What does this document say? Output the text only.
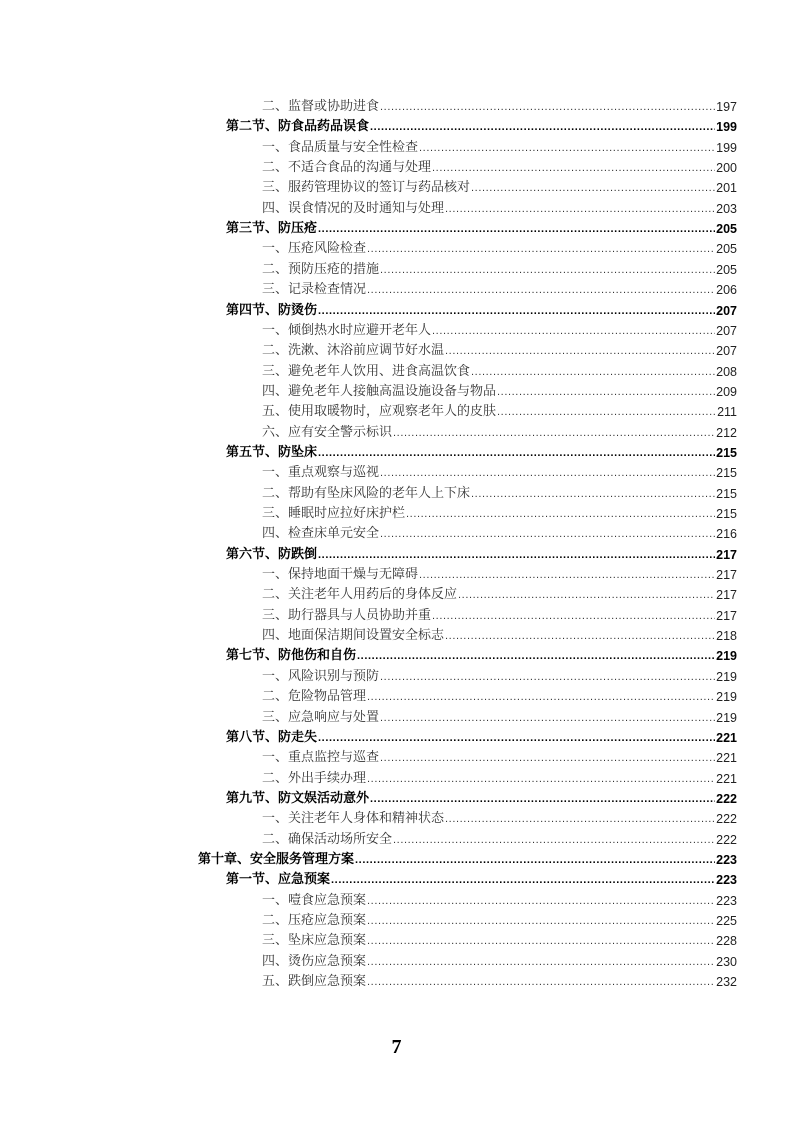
二、监督或协助进食 .....	197
第二节、防食品药品误食 .....	199
一、食品质量与安全性检查 .....	199
二、不适合食品的沟通与处理 .....	200
三、服药管理协议的签订与药品核对 .....	201
四、误食情况的及时通知与处理 .....	203
第三节、防压疮 .....	205
一、压疮风险检查 .....	205
二、预防压疮的措施 .....	205
三、记录检查情况 .....	206
第四节、防烫伤 .....	207
一、倾倒热水时应避开老年人 .....	207
二、洗漱、沐浴前应调节好水温 .....	207
三、避免老年人饮用、进食高温饮食 .....	208
四、避免老年人接触高温设施设备与物品 .....	209
五、使用取暖物时，应观察老年人的皮肤 .....	211
六、应有安全警示标识 .....	212
第五节、防坠床 .....	215
一、重点观察与巡视 .....	215
二、帮助有坠床风险的老年人上下床 .....	215
三、睡眠时应拉好床护栏 .....	215
四、检查床单元安全 .....	216
第六节、防跌倒 .....	217
一、保持地面干燥与无障碍 .....	217
二、关注老年人用药后的身体反应 .....	217
三、助行器具与人员协助并重 .....	217
四、地面保洁期间设置安全标志 .....	218
第七节、防他伤和自伤 .....	219
一、风险识别与预防 .....	219
二、危险物品管理 .....	219
三、应急响应与处置 .....	219
第八节、防走失 .....	221
一、重点监控与巡查 .....	221
二、外出手续办理 .....	221
第九节、防文娱活动意外 .....	222
一、关注老年人身体和精神状态 .....	222
二、确保活动场所安全 .....	222
第十章、安全服务管理方案 .....	223
第一节、应急预案 .....	223
一、噎食应急预案 .....	223
二、压疮应急预案 .....	225
三、坠床应急预案 .....	228
四、烫伤应急预案 .....	230
五、跌倒应急预案 .....	232
7
